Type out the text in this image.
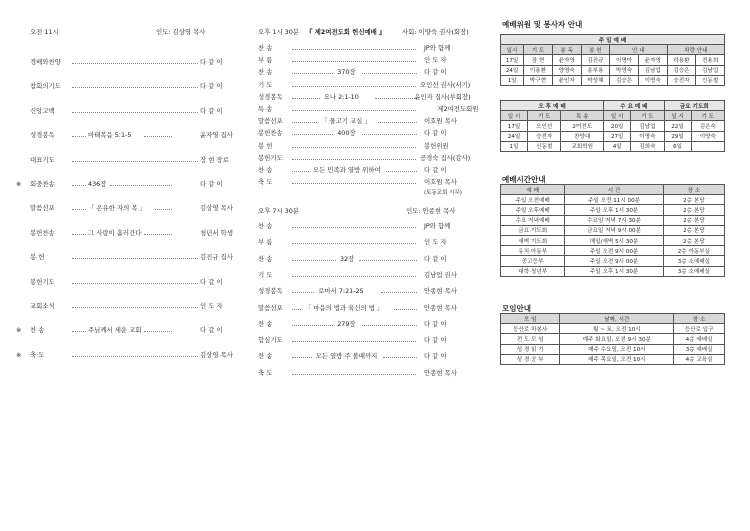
오전 11시	인도: 김상영 목사
경배와찬양	다 같 이
참회의기도	다 같 이
신앙고백	다 같 이
성경봉독	마태복음 5:1-5	윤자영 집사
대표기도	장 현 장로
※ 회중찬송	436장	다 같 이
말씀선포	「 온유한 자의 복 」	김상영 목사
봉헌찬송	그 사랑이 흘러간다	청년서 학생
봉 헌	김진규 집사
봉헌기도	다 같 이
교회소식	인 도 자
※ 찬 송	주님께서 세운 교회	다 같 이
※ 축 도	김상영 목사
오후 1시 30분 『 제2여전도회 헌신예배 』	사회: 이양숙 권사(회장)
찬 송	JP와 함께
부 름	인 도 자
찬 송	370장	다 같 이
기 도	오인선 권사(서기)
성경봉독	요나 2:1-10	윤인자 집사(부회장)
특 송	제2여전도회원
말씀선포	「 물고기 교실 」	이호원 목사
봉헌찬송	400장	다 같 이
봉 헌	봉헌위원
봉헌기도	공경숙 집사(감사)
찬 송	모든 민족과 열방 위하여	다 같 이
축 도	이호원 목사
(토동교회 시무)
오후 7시 30분	인도: 안종현 목사
찬 송	JP와 함께
부 름	인 도 자
찬 송	32장	다 같 이
기 도	김남업 권사
성경봉독	로마서 7:21-25	안종현 목사
말씀선포	「 마음의 법과 육신의 법 」	안종현 목사
찬 송	279장	다 같 이
합심기도	다 같 이
찬 송	모든 열방 주 볼때까지	다 같 이
축 도	안종현 목사
예배위원 및 봉사자 안내
주 일 예 배							
일시	기 도	봉 독	봉 헌	안 내		차량 안내	
17일	장 현	윤자영	김진규	이명아	윤자영	하용환	전용희
24일	이용환	양영숙	송부용	박영숙	김남업	김승은	김남업
1일	박구현	윤인자	박성혜	김승은	이명숙	승전자	신동철
오 후 예 배			수 요 예 배		금요 기도회	
일 시	기 도	특 송	일 시	기 도	일 시	기 도
17일	오인선	2여전도	20일	김남업	22일	김은숙
24일	승전자	찬양대	27일	이명숙	29일	이양숙
1일	신동철	교회학원	4일	김희숙	6일	
예배시간안내
예 배	시 간	장 소
주일 오전예배	주일 오전 11시 00분	2층 본당
주일 오후예배	주일 오후 1시 30분	2층 본당
수요 저녁예배	수요일 저녁 7시 30분	2층 본당
금요 기도회	금요일 저녁 9시 00분	2층 본당
새벽 기도회	매일/새벽 5시 30분	2층 본당
유치·아동부	주일 오전 9시 00분	2층 아동부실
중고등부	주일 오전 9시 00분	3층 소예배실
대학·청년부	주일 오후 1시 30분	3층 소예배실
모임안내
모 임	날짜, 시간	장 소
등산로 차봉사	월 ~ 토, 오전 10시	등산로 입구
전 도 모 임	매주 화요일, 오전 9시 30분	4층 예배실
성 경 읽 기	매주 수요일, 오전 10시	3층 예배실
성 경 공 부	매주 목요일, 오전 10시	4층 교육실
